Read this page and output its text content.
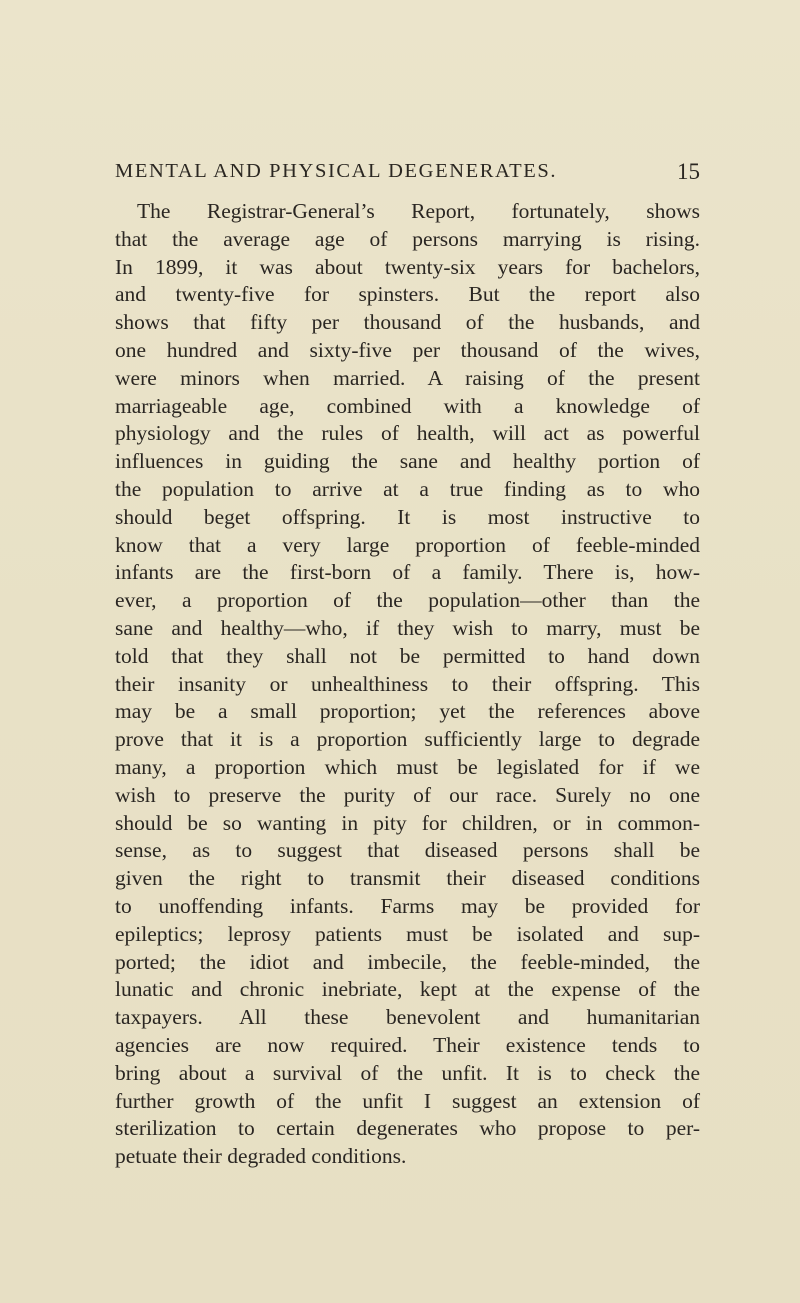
MENTAL AND PHYSICAL DEGENERATES.	15
The Registrar-General’s Report, fortunately, shows
that the average age of persons marrying is rising.
In 1899, it was about twenty-six years for bachelors,
and twenty-five for spinsters. But the report also
shows that fifty per thousand of the husbands, and
one hundred and sixty-five per thousand of the wives,
were minors when married. A raising of the present
marriageable age, combined with a knowledge of
physiology and the rules of health, will act as powerful
influences in guiding the sane and healthy portion of
the population to arrive at a true finding as to who
should beget offspring. It is most instructive to
know that a very large proportion of feeble-minded
infants are the first-born of a family. There is, how-
ever, a proportion of the population—other than the
sane and healthy—who, if they wish to marry, must be
told that they shall not be permitted to hand down
their insanity or unhealthiness to their offspring. This
may be a small proportion; yet the references above
prove that it is a proportion sufficiently large to degrade
many, a proportion which must be legislated for if we
wish to preserve the purity of our race. Surely no one
should be so wanting in pity for children, or in common-
sense, as to suggest that diseased persons shall be
given the right to transmit their diseased conditions
to unoffending infants. Farms may be provided for
epileptics; leprosy patients must be isolated and sup-
ported; the idiot and imbecile, the feeble-minded, the
lunatic and chronic inebriate, kept at the expense of the
taxpayers. All these benevolent and humanitarian
agencies are now required. Their existence tends to
bring about a survival of the unfit. It is to check the
further growth of the unfit I suggest an extension of
sterilization to certain degenerates who propose to per-
petuate their degraded conditions.
